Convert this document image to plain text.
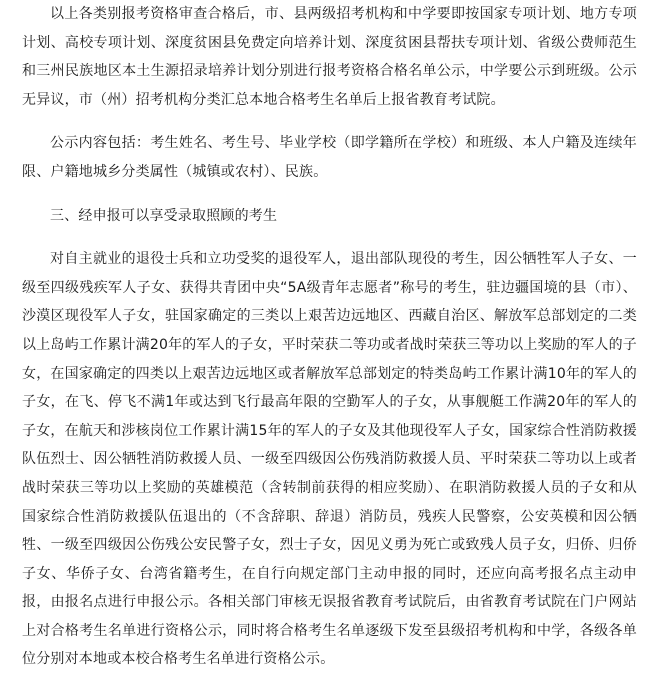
以上各类别报考资格审查合格后，市、县两级招考机构和中学要即按国家专项计划、地方专项计划、高校专项计划、深度贫困县免费定向培养计划、深度贫困县帮扶专项计划、省级公费师范生和三州民族地区本土生源招录培养计划分别进行报考资格合格名单公示，中学要公示到班级。公示无异议，市（州）招考机构分类汇总本地合格考生名单后上报省教育考试院。

公示内容包括：考生姓名、考生号、毕业学校（即学籍所在学校）和班级、本人户籍及连续年限、户籍地城乡分类属性（城镇或农村）、民族。

三、经申报可以享受录取照顾的考生

对自主就业的退役士兵和立功受奖的退役军人，退出部队现役的考生，因公牺牲军人子女、一级至四级残疾军人子女、获得共青团中央“5A级青年志愿者”称号的考生，驻边疆国境的县（市）、沙漠区现役军人子女，驻国家确定的三类以上艰苦边远地区、西藏自治区、解放军总部划定的二类以上岛屿工作累计满20年的军人的子女，平时荣获二等功或者战时荣获三等功以上奖励的军人的子女，在国家确定的四类以上艰苦边远地区或者解放军总部划定的特类岛屿工作累计满10年的军人的子女，在飞、停飞不满1年或达到飞行最高年限的空勤军人的子女，从事舰艇工作满20年的军人的子女，在航天和涉核岗位工作累计满15年的军人的子女及其他现役军人子女，国家综合性消防救援队伍烈士、因公牺牲消防救援人员、一级至四级因公伤残消防救援人员、平时荣获二等功以上或者战时荣获三等功以上奖励的英雄模范（含转制前获得的相应奖励）、在职消防救援人员的子女和从国家综合性消防救援队伍退出的（不含辞职、辞退）消防员，残疾人民警察，公安英模和因公牺牲、一级至四级因公伤残公安民警子女，烈士子女，因见义勇为死亡或致残人员子女，归侨、归侨子女、华侨子女、台湾省籍考生，在自行向规定部门主动申报的同时，还应向高考报名点主动申报，由报名点进行申报公示。各相关部门审核无误报省教育考试院后，由省教育考试院在门户网站上对合格考生名单进行资格公示，同时将合格考生名单逐级下发至县级招考机构和中学，各级各单位分别对本地或本校合格考生名单进行资格公示。
